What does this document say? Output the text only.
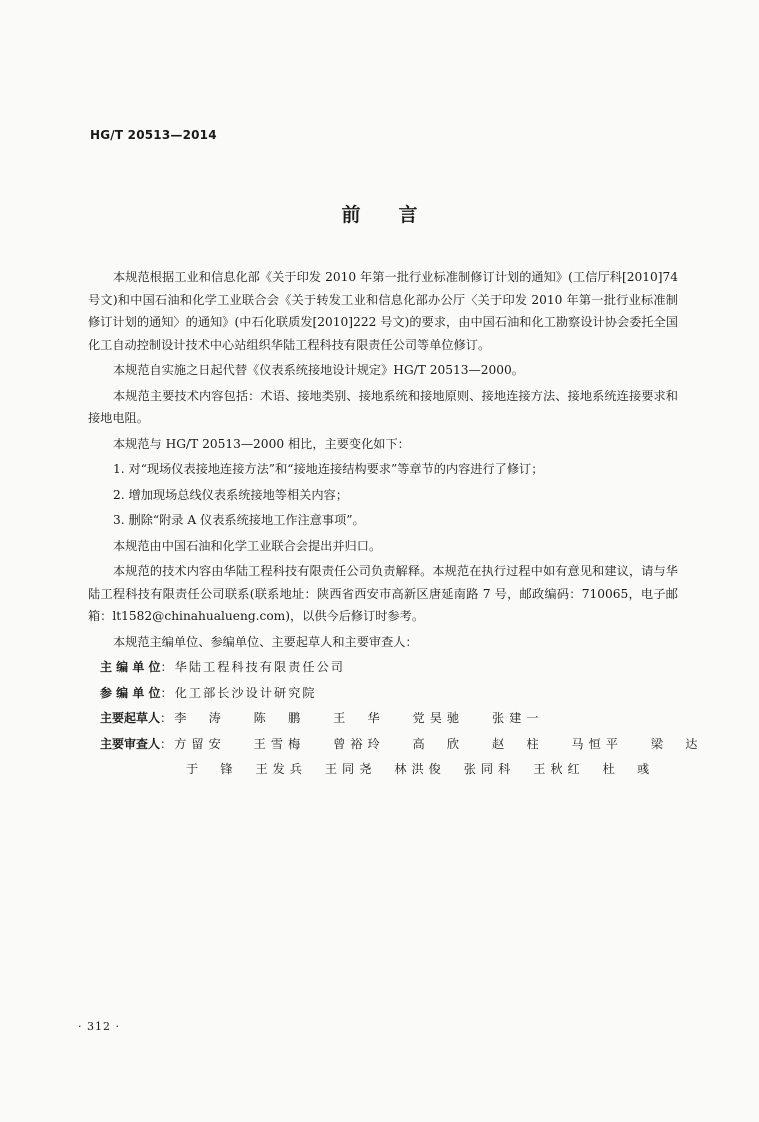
HG/T 20513—2014
前言

本规范根据工业和信息化部《关于印发 2010 年第一批行业标准制修订计划的通知》(工信厅科[2010]74 号文)和中国石油和化学工业联合会《关于转发工业和信息化部办公厅〈关于印发 2010 年第一批行业标准制修订计划的通知〉的通知》(中石化联质发[2010]222 号文)的要求，由中国石油和化工勘察设计协会委托全国化工自动控制设计技术中心站组织华陆工程科技有限责任公司等单位修订。

本规范自实施之日起代替《仪表系统接地设计规定》HG/T 20513—2000。

本规范主要技术内容包括：术语、接地类别、接地系统和接地原则、接地连接方法、接地系统连接要求和接地电阻。

本规范与 HG/T 20513—2000 相比，主要变化如下：

1. 对“现场仪表接地连接方法”和“接地连接结构要求”等章节的内容进行了修订；

2. 增加现场总线仪表系统接地等相关内容；

3. 删除“附录 A 仪表系统接地工作注意事项”。

本规范由中国石油和化学工业联合会提出并归口。

本规范的技术内容由华陆工程科技有限责任公司负责解释。本规范在执行过程中如有意见和建议，请与华陆工程科技有限责任公司联系(联系地址：陕西省西安市高新区唐延南路 7 号，邮政编码：710065，电子邮箱：lt1582@chinahualueng.com)，以供今后修订时参考。

本规范主编单位、参编单位、主要起草人和主要审查人：

主 编 单 位 ： 华陆工程科技有限责任公司
参 编 单 位 ： 化工部长沙设计研究院
主要起草人 ： 李　涛 陈　鹏 王　华 党昊驰 张建一
主要审查人 ： 方留安 王雪梅 曾裕玲 高　欣 赵　柱 马恒平 梁　达
于　锋 王发兵 王同尧 林洪俊 张同科 王秋红 杜　彧
· 312 ·
